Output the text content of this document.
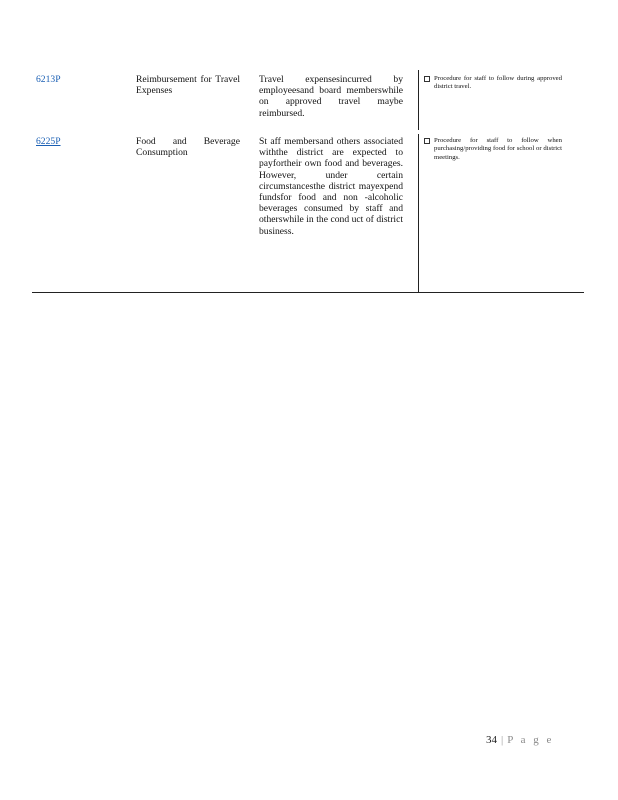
6213P	Reimbursement for Travel Expenses
Travel expensesincurred by employeesand board memberswhile on approved travel maybe reimbursed.
Procedure for staff to follow during approved district travel.
6225P	Food and Beverage Consumption
St aff membersand others associated withthe district are expected to payfortheir own food and beverages. However, under certain circumstancesthe district mayexpend fundsfor food and non -alcoholic beverages consumed by staff and otherswhile in the cond uct of district business.
Procedure for staff to follow when purchasing/providing food for school or district meetings.
34 | P a g e
